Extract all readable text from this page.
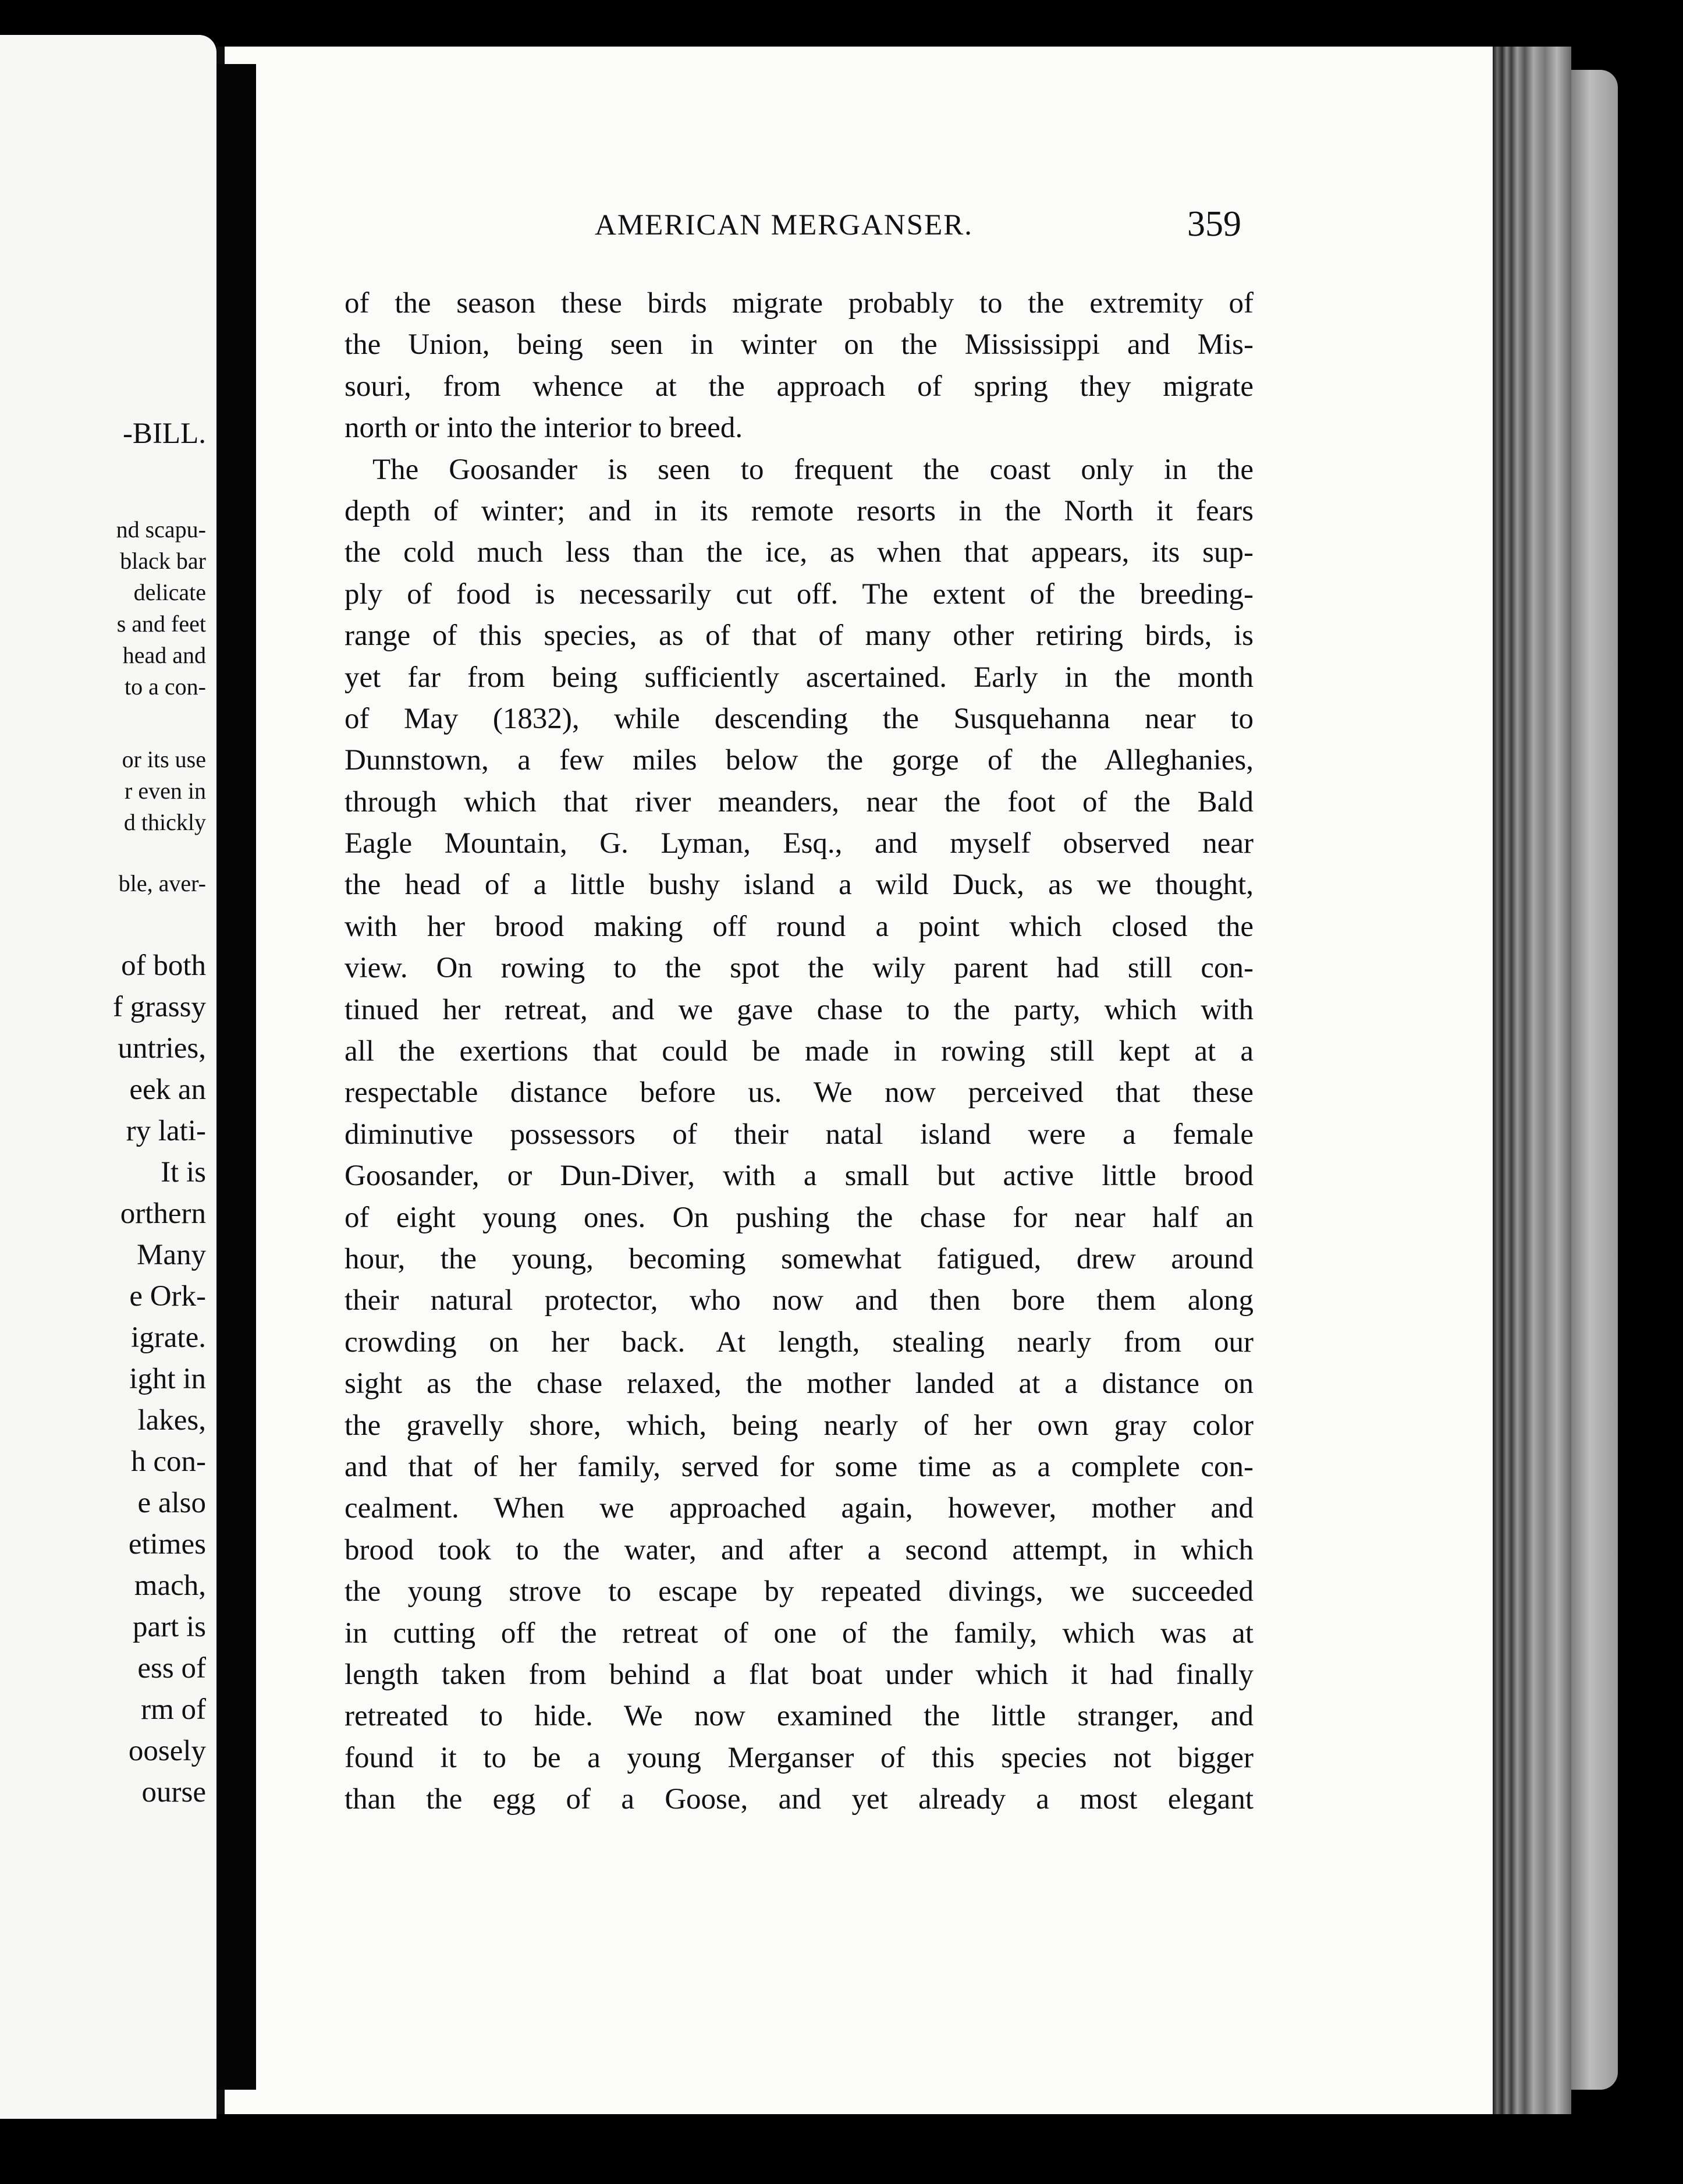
-BILL.
nd scapu-
black bar
delicate
s and feet
head and
to a con-
or its use
r even in
d thickly
ble, aver-
of both
f grassy
untries,
eek an
ry lati-
It is
orthern
Many
e Ork-
igrate.
ight in
lakes,
h con-
e also
etimes
mach,
part is
ess of
rm of
oosely
ourse
AMERICAN MERGANSER.	359
of the season these birds migrate probably to the extremity of
the Union, being seen in winter on the Mississippi and Mis-
souri, from whence at the approach of spring they migrate
north or into the interior to breed.
The Goosander is seen to frequent the coast only in the
depth of winter; and in its remote resorts in the North it fears
the cold much less than the ice, as when that appears, its sup-
ply of food is necessarily cut off. The extent of the breeding-
range of this species, as of that of many other retiring birds, is
yet far from being sufficiently ascertained. Early in the month
of May (1832), while descending the Susquehanna near to
Dunnstown, a few miles below the gorge of the Alleghanies,
through which that river meanders, near the foot of the Bald
Eagle Mountain, G. Lyman, Esq., and myself observed near
the head of a little bushy island a wild Duck, as we thought,
with her brood making off round a point which closed the
view. On rowing to the spot the wily parent had still con-
tinued her retreat, and we gave chase to the party, which with
all the exertions that could be made in rowing still kept at a
respectable distance before us. We now perceived that these
diminutive possessors of their natal island were a female
Goosander, or Dun-Diver, with a small but active little brood
of eight young ones. On pushing the chase for near half an
hour, the young, becoming somewhat fatigued, drew around
their natural protector, who now and then bore them along
crowding on her back. At length, stealing nearly from our
sight as the chase relaxed, the mother landed at a distance on
the gravelly shore, which, being nearly of her own gray color
and that of her family, served for some time as a complete con-
cealment. When we approached again, however, mother and
brood took to the water, and after a second attempt, in which
the young strove to escape by repeated divings, we succeeded
in cutting off the retreat of one of the family, which was at
length taken from behind a flat boat under which it had finally
retreated to hide. We now examined the little stranger, and
found it to be a young Merganser of this species not bigger
than the egg of a Goose, and yet already a most elegant
